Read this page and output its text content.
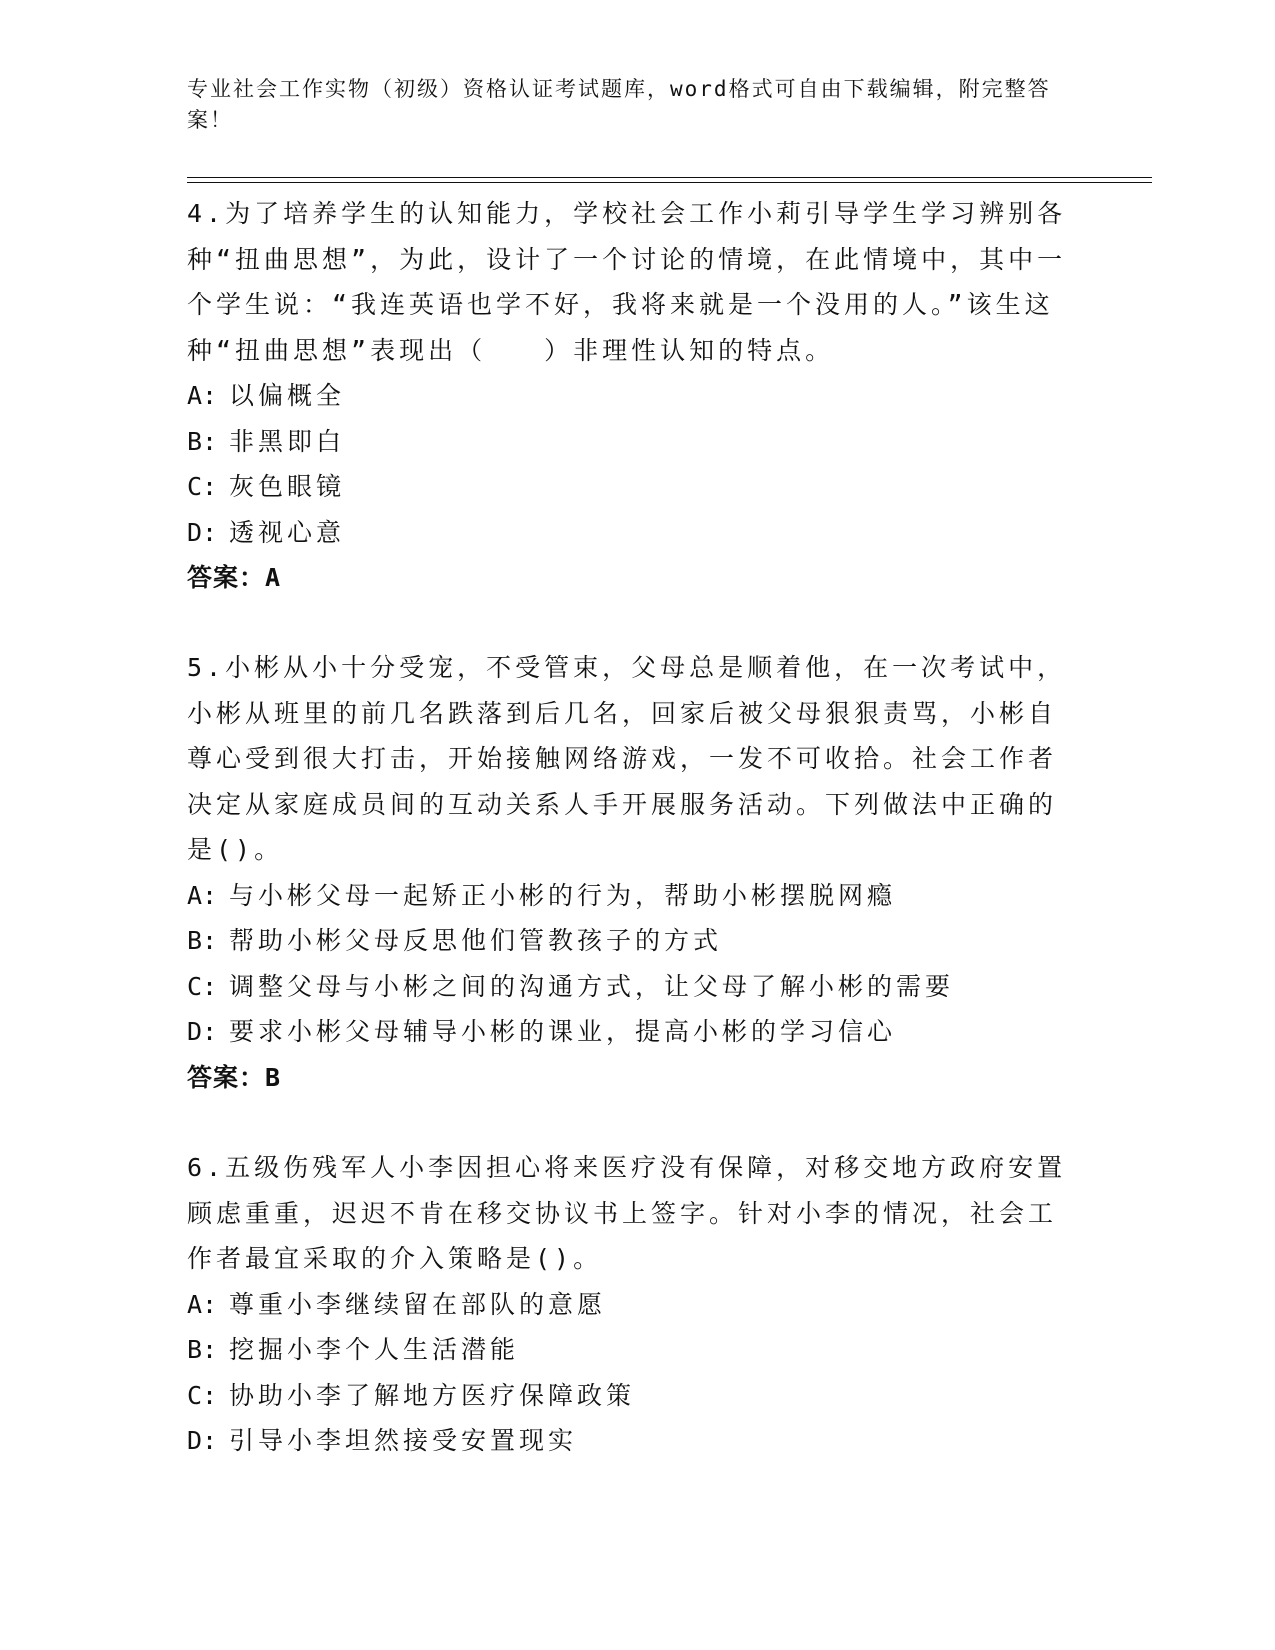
专业社会工作实物（初级）资格认证考试题库，word格式可自由下载编辑，附完整答案！

4.为了培养学生的认知能力，学校社会工作小莉引导学生学习辨别各种“扭曲思想”，为此，设计了一个讨论的情境，在此情境中，其中一个学生说：“我连英语也学不好，我将来就是一个没用的人。”该生这种“扭曲思想”表现出（　　）非理性认知的特点。

A: 以偏概全

B: 非黑即白

C: 灰色眼镜

D: 透视心意

答案：A

5.小彬从小十分受宠，不受管束，父母总是顺着他，在一次考试中，小彬从班里的前几名跌落到后几名，回家后被父母狠狠责骂，小彬自尊心受到很大打击，开始接触网络游戏，一发不可收拾。社会工作者决定从家庭成员间的互动关系人手开展服务活动。下列做法中正确的是()。

A: 与小彬父母一起矫正小彬的行为，帮助小彬摆脱网瘾

B: 帮助小彬父母反思他们管教孩子的方式

C: 调整父母与小彬之间的沟通方式，让父母了解小彬的需要

D: 要求小彬父母辅导小彬的课业，提高小彬的学习信心

答案：B

6.五级伤残军人小李因担心将来医疗没有保障，对移交地方政府安置顾虑重重，迟迟不肯在移交协议书上签字。针对小李的情况，社会工作者最宜采取的介入策略是()。

A: 尊重小李继续留在部队的意愿

B: 挖掘小李个人生活潜能

C: 协助小李了解地方医疗保障政策

D: 引导小李坦然接受安置现实
